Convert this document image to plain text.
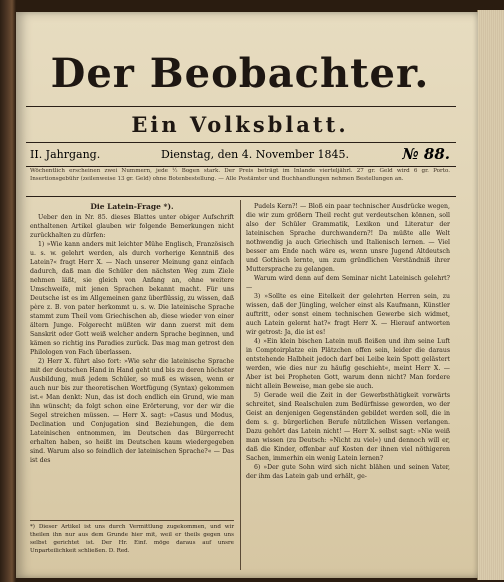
Der Beobachter.
Ein Volksblatt.
II. Jahrgang.	Dienstag, den 4. November 1845.	№ 88.
Wöchentlich erscheinen zwei Nummern, jede ½ Bogen stark. Der Preis beträgt im Inlande vierteljährl. 27 gr. Geld wird 6 gr. Porto. Insertionsgebühr (zeilenweise 13 gr. Geld) ohne Botenbestellung. — Alle Postämter und Buchhandlungen nehmen Bestellungen an.
Die Latein-Frage *).

Ueber den in Nr. 85. dieses Blattes unter obiger Aufschrift enthaltenen Artikel glauben wir folgende Bemerkungen nicht zurückhalten zu dürfen:

1) »Wie kann anders mit leichter Mühe Englisch, Französisch u. s. w. gelehrt werden, als durch vorherige Kenntniß des Latein?« fragt Herr X. — Nach unserer Meinung ganz einfach dadurch, daß man die Schüler den nächsten Weg zum Ziele nehmen läßt, sie gleich von Anfang an, ohne weitere Umschweife, mit jenen Sprachen bekannt macht. Für uns Deutsche ist es im Allgemeinen ganz überflüssig, zu wissen, daß père z. B. von pater herkommt u. s. w. Die lateinische Sprache stammt zum Theil vom Griechischen ab, diese wieder von einer ältern Junge. Folgerecht müßten wir dann zuerst mit dem Sanskrit oder Gott weiß welcher andern Sprache beginnen, und kämen so richtig ins Paradies zurück. Das mag man getrost den Philologen von Fach überlassen.

2) Herr X. führt also fort: »Wie sehr die lateinische Sprache mit der deutschen Hand in Hand geht und bis zu deren höchster Ausbildung, muß jedem Schüler, so muß es wissen, wenn er auch nur bis zur theoretischen Wortfügung (Syntax) gekommen ist.« Man denkt: Nun, das ist doch endlich ein Grund, wie man ihn wünscht; da folgt schon eine Erörterung, vor der wir die Segel streichen müssen. — Herr X. sagt: »Casus und Modus, Declination und Conjugation sind Beziehungen, die dem Lateinischen entnommen, im Deutschen das Bürgerrecht erhalten haben, so heißt im Deutschen kaum wiedergegeben sind. Warum also so feindlich der lateinischen Sprache?« — Das ist des

*) Dieser Artikel ist uns durch Vermittlung zugekommen, und wir theilen ihn nur aus dem Grunde hier mit, weil er theils gegen uns selbst gerichtet ist. Der Hr. Einf. möge daraus auf unsre Unparteilichkeit schließen. D. Red.

Pudels Kern?! — Bloß ein paar technischer Ausdrücke wegen, die wir zum größern Theil recht gut verdeutschen können, soll also der Schüler Grammatik, Lexikon und Literatur der lateinischen Sprache durchwandern?! Da müßte alle Welt nothwendig ja auch Griechisch und Italienisch lernen. — Viel besser am Ende nach wäre es, wenn unsre Jugend Altdeutsch und Gothisch lernte, um zum gründlichen Verständniß ihrer Muttersprache zu gelangen.

Warum wird denn auf dem Seminar nicht Lateinisch gelehrt? —

3) »Sollte es eine Eitelkeit der gelehrten Herren sein, zu wissen, daß der Jüngling, welcher einst als Kaufmann, Künstler auftritt, oder sonst einem technischen Gewerbe sich widmet, auch Latein gelernt hat?« fragt Herr X. — Hierauf antworten wir getrost: Ja, die ist es!

4) »Ein klein bischen Latein muß fleißen und ihm seine Luft in Comptoirplatze ein Plätzchen offen sein, leider die daraus entstehende Halbheit jedoch darf bei Leibe kein Spott gelästert werden, wie dies nur zu häufig geschieht«, meint Herr X. — Aber ist bei Propheten Gott, warum denn nicht? Man fordere nicht allein Beweise, man gebe sie auch.

5) Gerade weil die Zeit in der Gewerbsthätigkeit vorwärts schreitet, sind Realschulen zum Bedürfnisse geworden, wo der Geist an denjenigen Gegenständen gebildet werden soll, die in dem s. g. bürgerlichen Berufe nützlichen Wissen verlangen. Dazu gehört das Latein nicht! — Herr X. selbst sagt: »Nie weiß man wissen (zu Deutsch: »Nicht zu viel«) und dennoch will er, daß die Kinder, offenbar auf Kosten der ihnen viel nöthigeren Sachen, immerhin ein wenig Latein lernen?

6) »Der gute Sohn wird sich nicht blähen und seinen Vater, der ihm das Latein gab und erhält, ge-
